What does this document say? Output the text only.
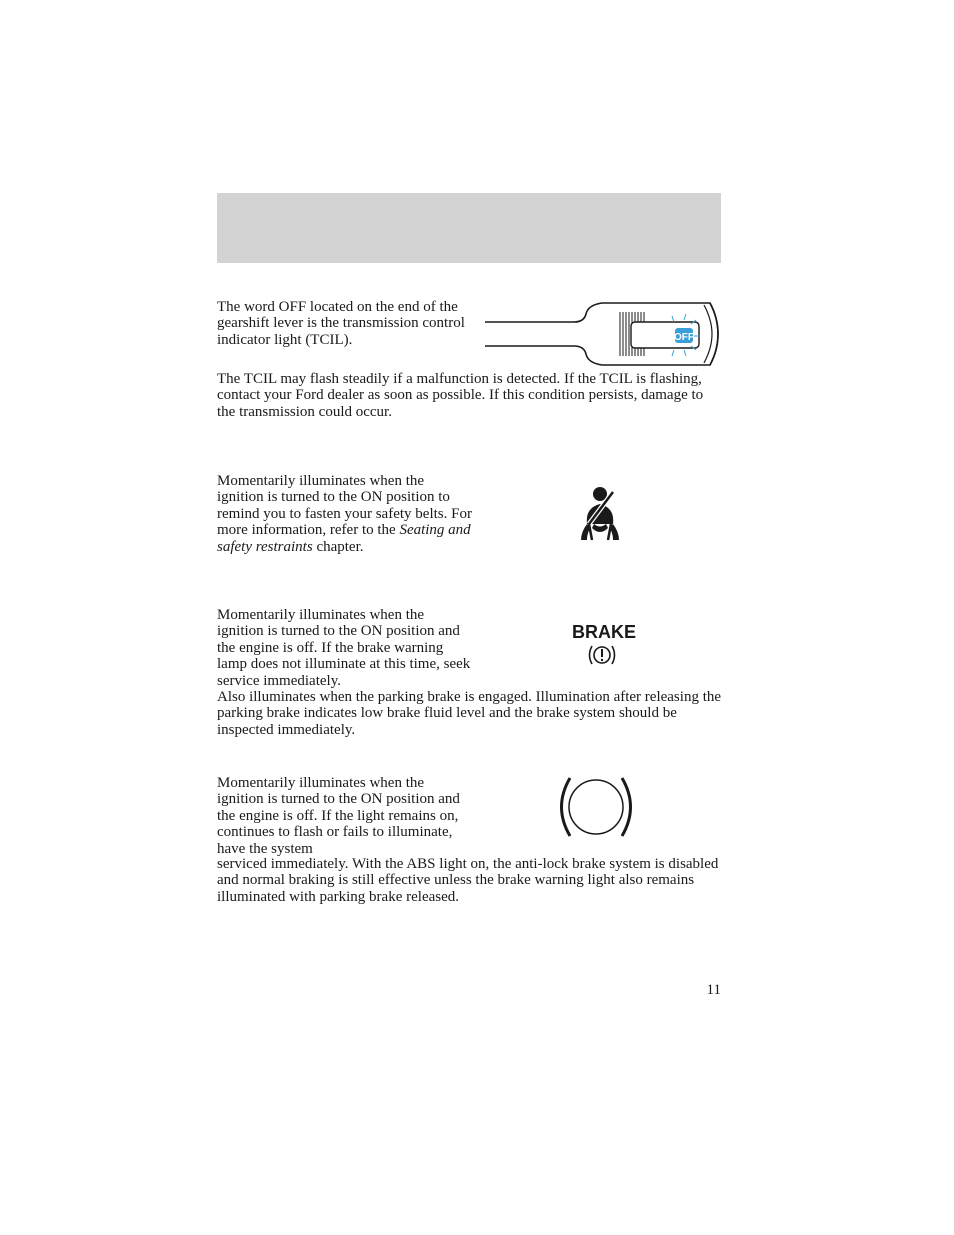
The word OFF located on the end of the gearshift lever is the transmission control indicator light (TCIL).	OFF

The TCIL may flash steadily if a malfunction is detected. If the TCIL is flashing, contact your Ford dealer as soon as possible. If this condition persists, damage to the transmission could occur.

Momentarily illuminates when the ignition is turned to the ON position to remind you to fasten your safety belts. For more information, refer to the Seating and safety restraints chapter.

Momentarily illuminates when the ignition is turned to the ON position and the engine is off. If the brake warning lamp does not illuminate at this time, seek service immediately.

BRAKE

Also illuminates when the parking brake is engaged. Illumination after releasing the parking brake indicates low brake fluid level and the brake system should be inspected immediately.

Momentarily illuminates when the ignition is turned to the ON position and the engine is off. If the light remains on, continues to flash or fails to illuminate, have the system

serviced immediately. With the ABS light on, the anti-lock brake system is disabled and normal braking is still effective unless the brake warning light also remains illuminated with parking brake released.

11
